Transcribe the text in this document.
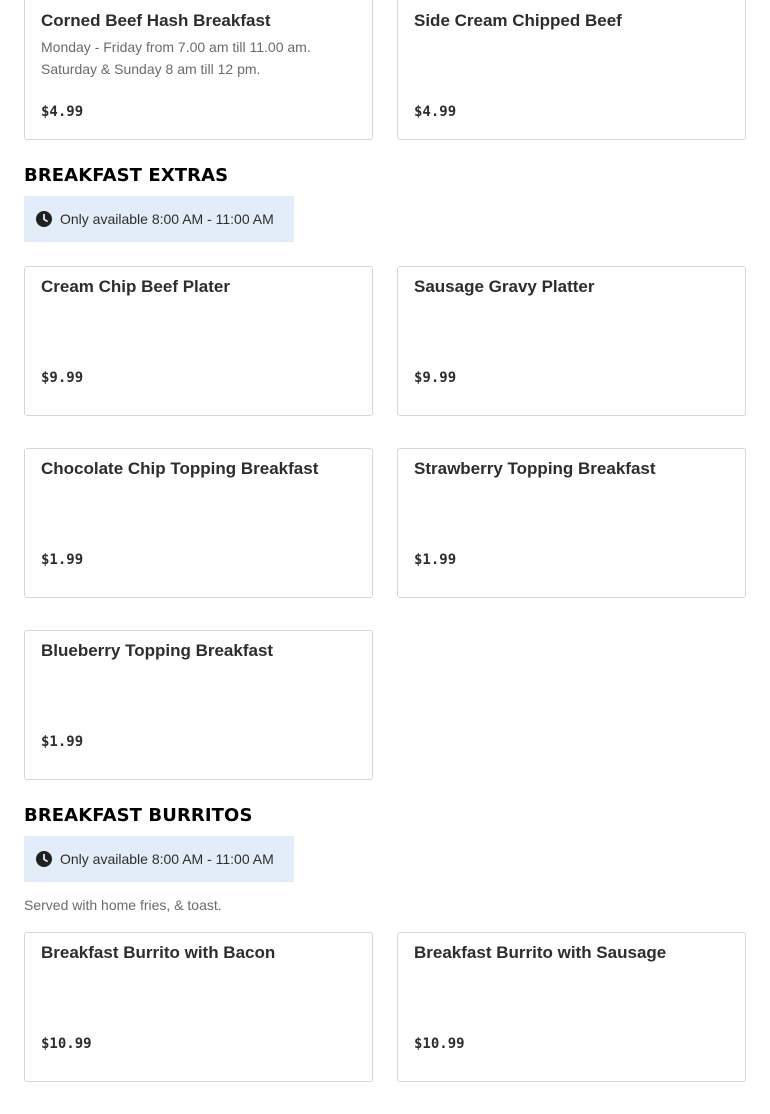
Corned Beef Hash Breakfast
Monday - Friday from 7.00 am till 11.00 am.
Saturday & Sunday 8 am till 12 pm.
$4.99
Side Cream Chipped Beef
$4.99
BREAKFAST EXTRAS
Only available 8:00 AM - 11:00 AM
Cream Chip Beef Plater
$9.99
Sausage Gravy Platter
$9.99
Chocolate Chip Topping Breakfast
$1.99
Strawberry Topping Breakfast
$1.99
Blueberry Topping Breakfast
$1.99
BREAKFAST BURRITOS
Only available 8:00 AM - 11:00 AM
Served with home fries, & toast.
Breakfast Burrito with Bacon
$10.99
Breakfast Burrito with Sausage
$10.99
